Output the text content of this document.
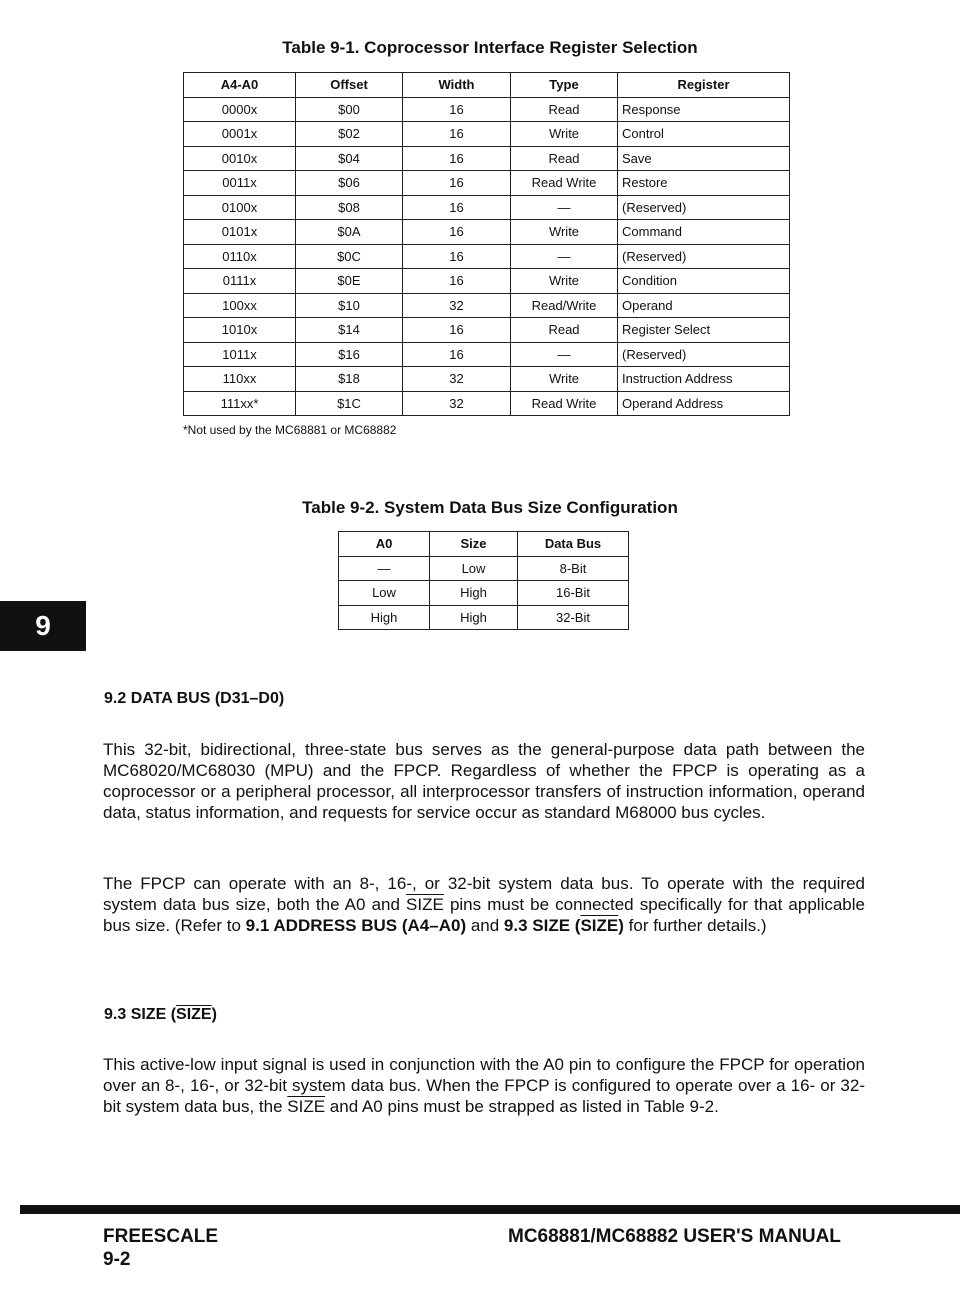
Table 9-1. Coprocessor Interface Register Selection
A4-A0	Offset	Width	Type	Register
0000x	$00	16	Read	Response
0001x	$02	16	Write	Control
0010x	$04	16	Read	Save
0011x	$06	16	Read Write	Restore
0100x	$08	16	—	(Reserved)
0101x	$0A	16	Write	Command
0110x	$0C	16	—	(Reserved)
0111x	$0E	16	Write	Condition
100xx	$10	32	Read/Write	Operand
1010x	$14	16	Read	Register Select
1011x	$16	16	—	(Reserved)
110xx	$18	32	Write	Instruction Address
111xx*	$1C	32	Read Write	Operand Address
*Not used by the MC68881 or MC68882
Table 9-2. System Data Bus Size Configuration
A0	Size	Data Bus
—	Low	8-Bit
Low	High	16-Bit
High	High	32-Bit
9
9.2 DATA BUS (D31–D0)

This 32-bit, bidirectional, three-state bus serves as the general-purpose data path between the MC68020/MC68030 (MPU) and the FPCP. Regardless of whether the FPCP is operating as a coprocessor or a peripheral processor, all interprocessor transfers of instruction information, operand data, status information, and requests for service occur as standard M68000 bus cycles.

The FPCP can operate with an 8-, 16-, or 32-bit system data bus. To operate with the required system data bus size, both the A0 and SIZE pins must be connected specifically for that applicable bus size. (Refer to 9.1 ADDRESS BUS (A4–A0) and 9.3 SIZE (SIZE) for further details.)

9.3 SIZE (SIZE)

This active-low input signal is used in conjunction with the A0 pin to configure the FPCP for operation over an 8-, 16-, or 32-bit system data bus. When the FPCP is configured to operate over a 16- or 32-bit system data bus, the SIZE and A0 pins must be strapped as listed in Table 9-2.

FREESCALE
9-2
MC68881/MC68882 USER'S MANUAL
